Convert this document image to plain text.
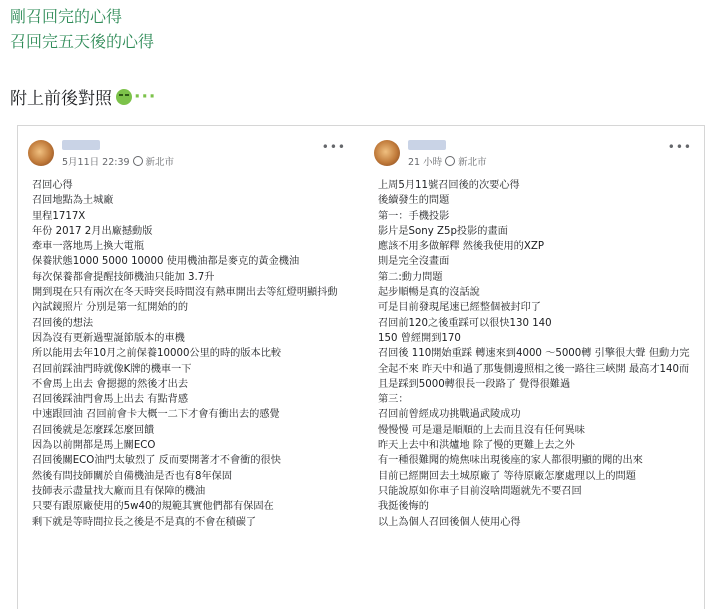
剛召回完的心得
召回完五天後的心得
附上前後對照 ···
5月11日 22:39 新北市
•••
召回心得
召回地點為土城廠
里程1717X
年份 2017 2月出廠撼動版
牽車一落地馬上換大電瓶
保養狀態1000 5000 10000 使用機油都是麥克的黃金機油
每次保養都會提醒技師機油只能加 3.7升
開到現在只有兩次在冬天時突長時間沒有熱車開出去等紅燈明顯抖動
內試鏡照片 分別是第一紅開始的的
召回後的想法
因為沒有更新過聖誕節版本的車機
所以能用去年10月之前保養10000公里的時的版本比較
召回前踩油門時就像K牌的機車一下
不會馬上出去 會摁摁的然後才出去
召回後踩油門會馬上出去 有點背感
中速跟回油 召回前會卡大概一二下才會有衝出去的感覺
召回後就是怎麼踩怎麼回饋
因為以前開都是馬上關ECO
召回後關ECO油門太敏烈了 反而要開著才不會衝的很快
然後有問技師關於自備機油是否也有8年保固
技師表示盡量找大廠而且有保障的機油
只要有跟原廠使用的5w40的規範其實他們都有保固在
剩下就是等時間拉長之後是不是真的不會在積碳了
21 小時 新北市
•••
上周5月11號召回後的次要心得
後續發生的問題
第一：手機投影
影片是Sony Z5p投影的畫面
應該不用多做解釋 然後我使用的XZP
則是完全沒畫面
第二:動力問題
起步順暢是真的沒話說
可是目前發現尾速已經整個被封印了
召回前120之後重踩可以很快130 140
150 曾經開到170
召回後 110開始重踩 轉速來到4000 ～5000轉 引擎很大聲 但動力完全起不來 昨天中和過了那隻側邊照相之後一路往三峽開 最高才140而且是踩到5000轉很長一段路了 覺得很難過
第三：
召回前曾經成功挑戰過武陵成功
慢慢慢 可是還是順順的上去而且沒有任何異味
昨天上去中和洪爐地 除了慢的更難上去之外
有一種很難聞的燒焦味出現後座的家人都很明顯的聞的出來
目前已經開回去土城原廠了 等待原廠怎麼處理以上的問題
只能說原如你車子目前沒啥問題就先不要召回
我挺後悔的
以上為個人召回後個人使用心得
